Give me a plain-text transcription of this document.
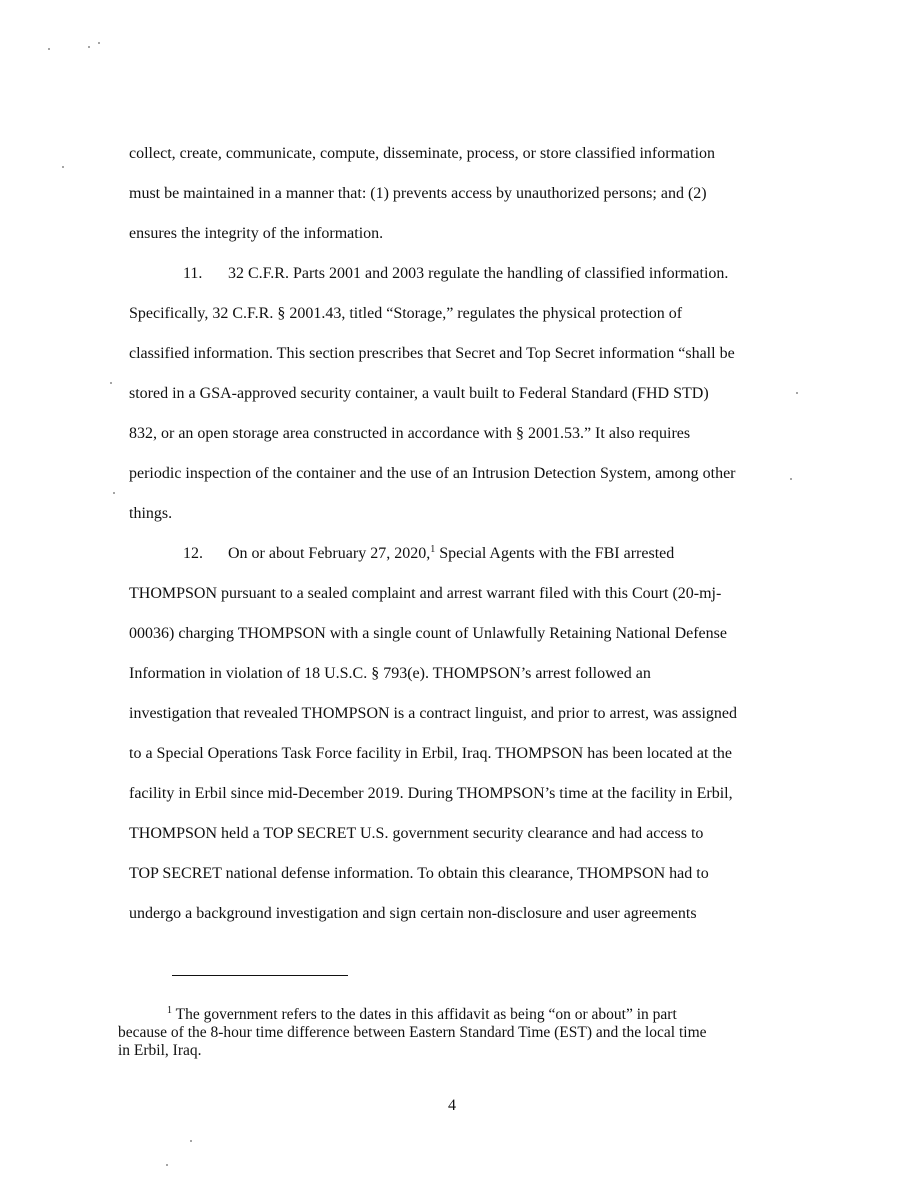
collect, create, communicate, compute, disseminate, process, or store classified information
must be maintained in a manner that: (1) prevents access by unauthorized persons; and (2)
ensures the integrity of the information.
11. 32 C.F.R. Parts 2001 and 2003 regulate the handling of classified information.
Specifically, 32 C.F.R. § 2001.43, titled “Storage,” regulates the physical protection of
classified information. This section prescribes that Secret and Top Secret information “shall be
stored in a GSA-approved security container, a vault built to Federal Standard (FHD STD)
832, or an open storage area constructed in accordance with § 2001.53.” It also requires
periodic inspection of the container and the use of an Intrusion Detection System, among other
things.
12. On or about February 27, 2020,$^1$ Special Agents with the FBI arrested
THOMPSON pursuant to a sealed complaint and arrest warrant filed with this Court (20-mj-
00036) charging THOMPSON with a single count of Unlawfully Retaining National Defense
Information in violation of 18 U.S.C. § 793(e). THOMPSON’s arrest followed an
investigation that revealed THOMPSON is a contract linguist, and prior to arrest, was assigned
to a Special Operations Task Force facility in Erbil, Iraq. THOMPSON has been located at the
facility in Erbil since mid-December 2019. During THOMPSON’s time at the facility in Erbil,
THOMPSON held a TOP SECRET U.S. government security clearance and had access to
TOP SECRET national defense information. To obtain this clearance, THOMPSON had to
undergo a background investigation and sign certain non-disclosure and user agreements
$^1$ The government refers to the dates in this affidavit as being “on or about” in part
because of the 8-hour time difference between Eastern Standard Time (EST) and the local time
in Erbil, Iraq.
4
